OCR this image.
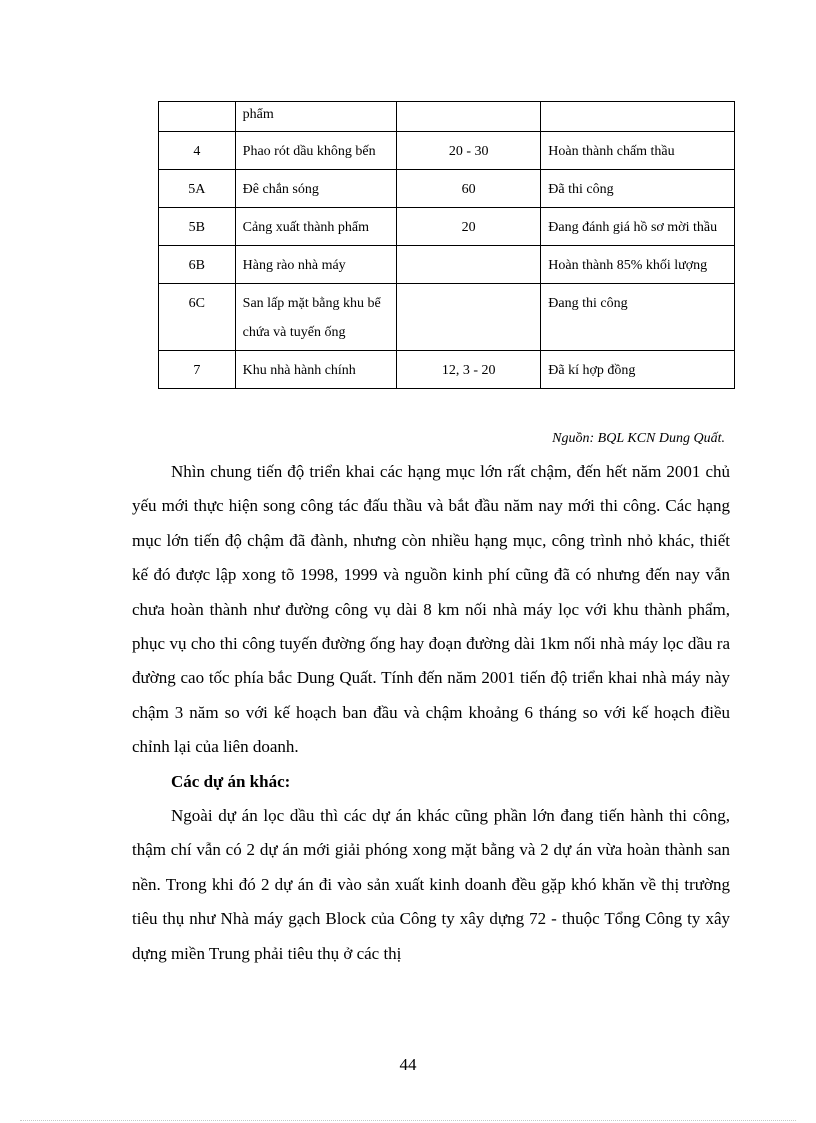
	phẩm		
4	Phao rót dầu không bến	20 - 30	Hoàn thành chấm thầu
5A	Đê chắn sóng	60	Đã thi công
5B	Cảng xuất thành phẩm	20	Đang đánh giá hồ sơ mời thầu
6B	Hàng rào nhà máy		Hoàn thành 85% khối lượng
6C	San lấp mặt bằng khu bể chứa và tuyến ống		Đang thi công
7	Khu nhà hành chính	12, 3 - 20	Đã kí hợp đồng
Nguồn: BQL KCN Dung Quất.

Nhìn chung tiến độ triển khai các hạng mục lớn rất chậm, đến hết năm 2001 chủ yếu mới thực hiện song công tác đấu thầu và bắt đầu năm nay mới thi công. Các hạng mục lớn tiến độ chậm đã đành, nhưng còn nhiều hạng mục, công trình nhỏ khác, thiết kế đó được lập xong tõ 1998, 1999 và nguồn kinh phí cũng đã có nhưng đến nay vẫn chưa hoàn thành như đường công vụ dài 8 km nối nhà máy lọc với khu thành phẩm, phục vụ cho thi công tuyến đường ống hay đoạn đường dài 1km nối nhà máy lọc dầu ra đường cao tốc phía bắc Dung Quất. Tính đến năm 2001 tiến độ triển khai nhà máy này chậm 3 năm so với kế hoạch ban đầu và chậm khoảng 6 tháng so với kế hoạch điều chỉnh lại của liên doanh.

Các dự án khác:

Ngoài dự án lọc dầu thì các dự án khác cũng phần lớn đang tiến hành thi công, thậm chí vẫn có 2 dự án mới giải phóng xong mặt bằng và 2 dự án vừa hoàn thành san nền. Trong khi đó 2 dự án đi vào sản xuất kinh doanh đều gặp khó khăn về thị trường tiêu thụ như Nhà máy gạch Block của Công ty xây dựng 72 - thuộc Tổng Công ty xây dựng miền Trung phải tiêu thụ ở các thị

44
